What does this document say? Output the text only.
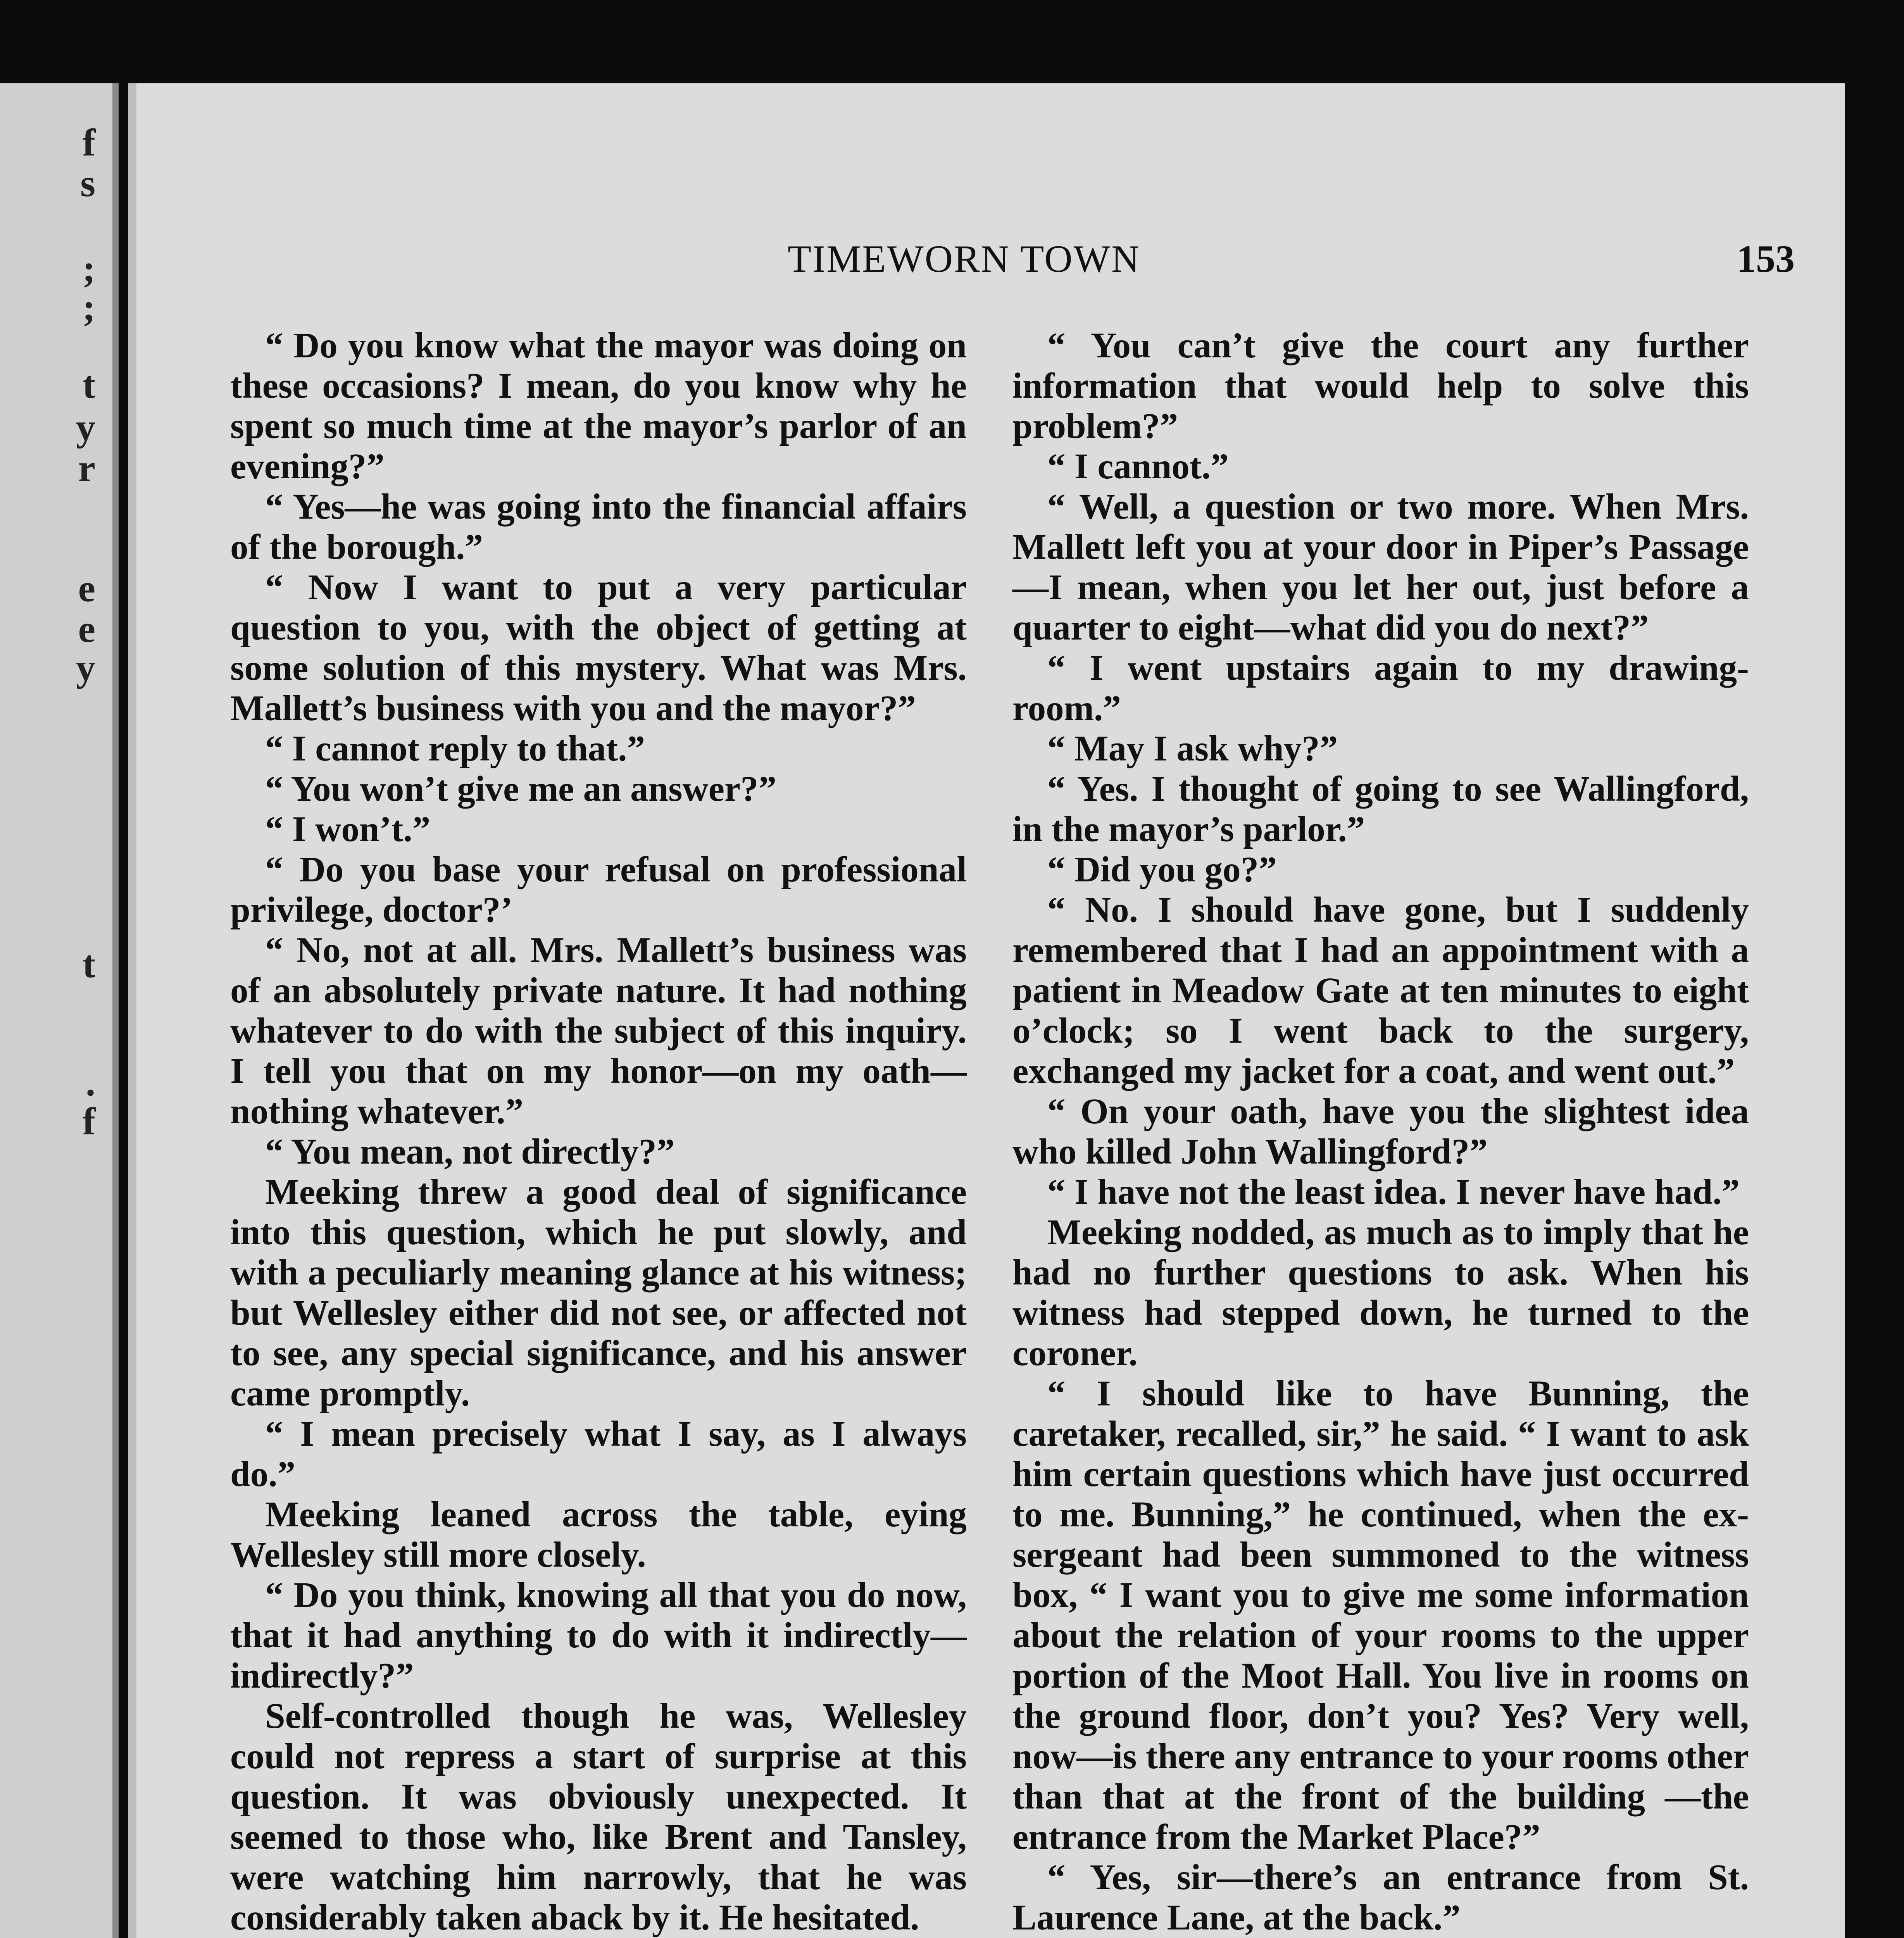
f
s
;
;
t
y
r
e
e
y
t
.
f
TIMEWORN TOWN	153

“ Do you know what the mayor was doing on these occasions? I mean, do you know why he spent so much time at the mayor’s parlor of an evening?”

“ Yes—he was going into the financial affairs of the borough.”

“ Now I want to put a very particular question to you, with the object of getting at some solution of this mystery. What was Mrs. Mallett’s business with you and the mayor?”

“ I cannot reply to that.”

“ You won’t give me an answer?”

“ I won’t.”

“ Do you base your refusal on professional privilege, doctor?’

“ No, not at all. Mrs. Mallett’s business was of an absolutely private nature. It had nothing whatever to do with the subject of this inquiry. I tell you that on my honor—on my oath—nothing whatever.”

“ You mean, not directly?”

Meeking threw a good deal of significance into this question, which he put slowly, and with a peculiarly meaning glance at his witness; but Wellesley either did not see, or affected not to see, any special significance, and his answer came promptly.

“ I mean precisely what I say, as I always do.”

Meeking leaned across the table, eying Wellesley still more closely.

“ Do you think, knowing all that you do now, that it had anything to do with it indirectly—indirectly?”

Self-controlled though he was, Wellesley could not repress a start of surprise at this question. It was obviously unexpected. It seemed to those who, like Brent and Tansley, were watching him narrowly, that he was considerably taken aback by it. He hesitated.

“ You can’t give the court any further information that would help to solve this problem?”

“ I cannot.”

“ Well, a question or two more. When Mrs. Mallett left you at your door in Piper’s Passage—I mean, when you let her out, just before a quarter to eight—what did you do next?”

“ I went upstairs again to my drawing-room.”

“ May I ask why?”

“ Yes. I thought of going to see Wallingford, in the mayor’s parlor.”

“ Did you go?”

“ No. I should have gone, but I suddenly remembered that I had an appointment with a patient in Meadow Gate at ten minutes to eight o’clock; so I went back to the surgery, exchanged my jacket for a coat, and went out.”

“ On your oath, have you the slightest idea who killed John Wallingford?”

“ I have not the least idea. I never have had.”

Meeking nodded, as much as to imply that he had no further questions to ask. When his witness had stepped down, he turned to the coroner.

“ I should like to have Bunning, the caretaker, recalled, sir,” he said. “ I want to ask him certain questions which have just occurred to me. Bunning,” he continued, when the ex-sergeant had been summoned to the witness box, “ I want you to give me some information about the relation of your rooms to the upper portion of the Moot Hall. You live in rooms on the ground floor, don’t you? Yes? Very well, now—is there any entrance to your rooms other than that at the front of the building —the entrance from the Market Place?”

“ Yes, sir—there’s an entrance from St. Laurence Lane, at the back.”
